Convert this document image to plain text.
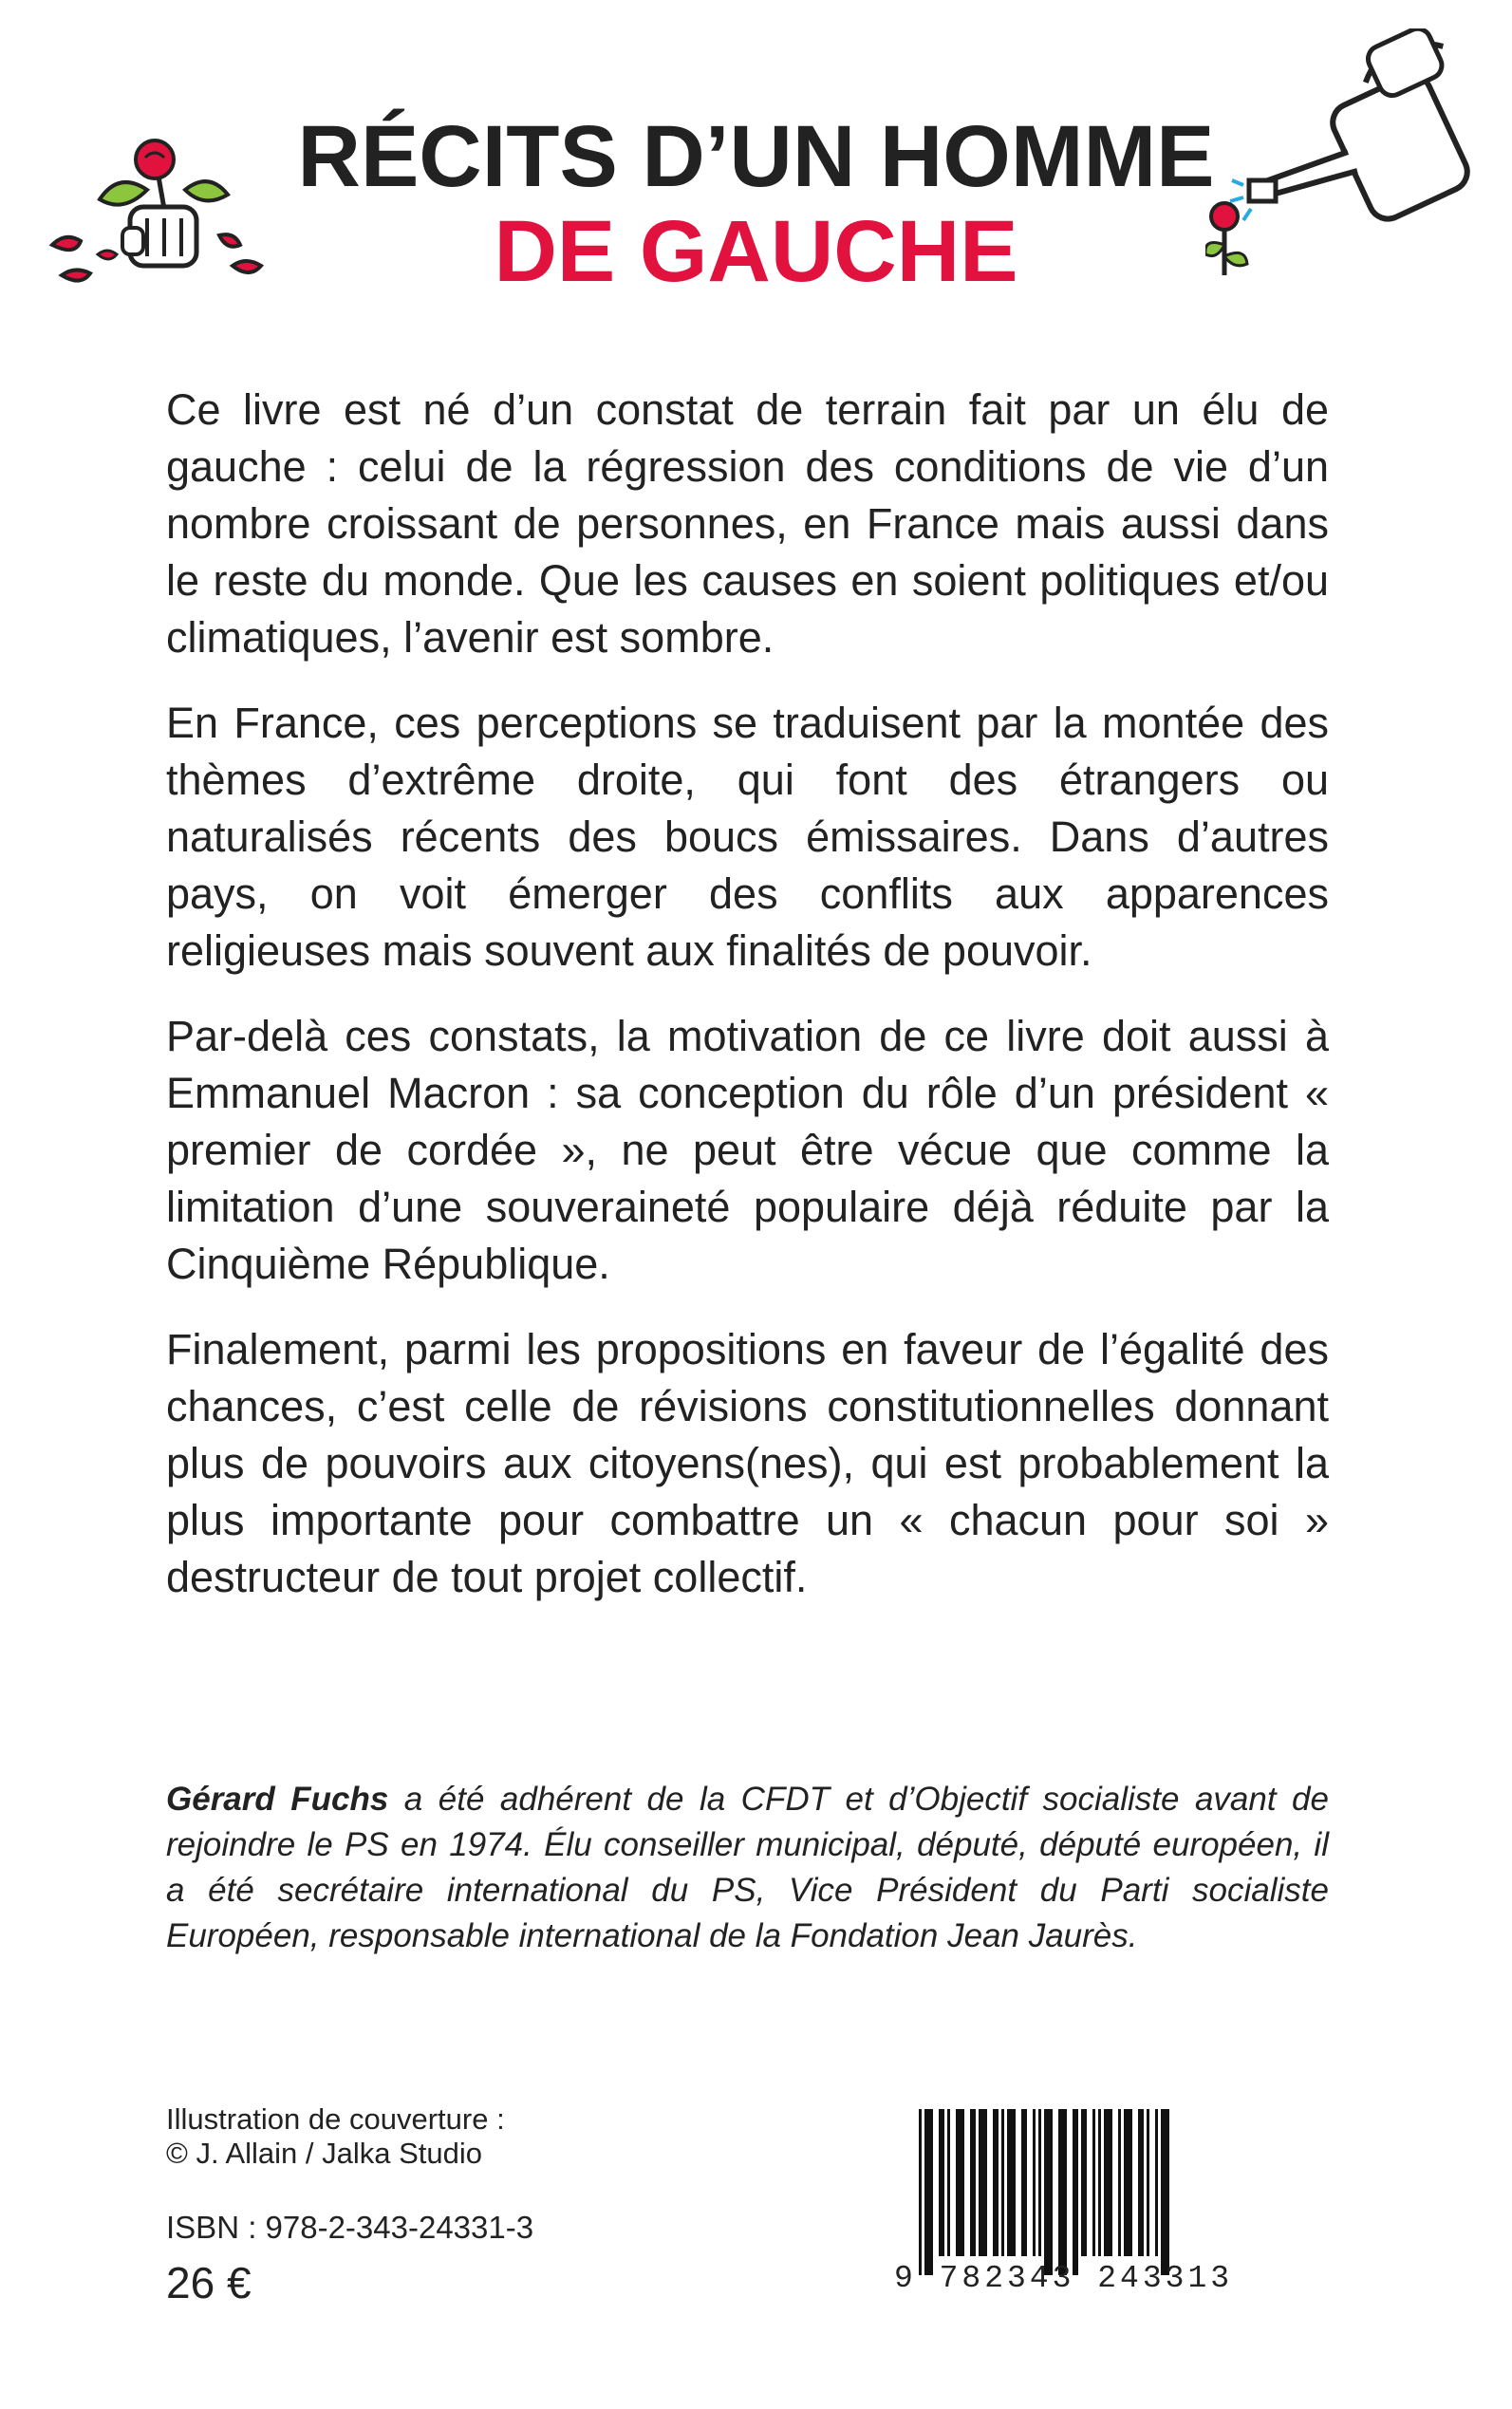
RÉCITS D’UN HOMME
DE GAUCHE

Ce livre est né d’un constat de terrain fait par un élu de gauche : celui de la régression des conditions de vie d’un nombre croissant de personnes, en France mais aussi dans le reste du monde. Que les causes en soient politiques et/ou climatiques, l’avenir est sombre.

En France, ces perceptions se traduisent par la montée des thèmes d’extrême droite, qui font des étrangers ou naturalisés récents des boucs émissaires. Dans d’autres pays, on voit émerger des conflits aux apparences religieuses mais souvent aux finalités de pouvoir.

Par-delà ces constats, la motivation de ce livre doit aussi à Emmanuel Macron : sa conception du rôle d’un président « premier de cordée », ne peut être vécue que comme la limitation d’une souveraineté populaire déjà réduite par la Cinquième République.

Finalement, parmi les propositions en faveur de l’égalité des chances, c’est celle de révisions constitutionnelles donnant plus de pouvoirs aux citoyens(nes), qui est probablement la plus importante pour combattre un « chacun pour soi » destructeur de tout projet collectif.

Gérard Fuchs a été adhérent de la CFDT et d’Objectif socialiste avant de rejoindre le PS en 1974. Élu conseiller municipal, député, député européen, il a été secrétaire international du PS, Vice Président du Parti socialiste Européen, responsable international de la Fondation Jean Jaurès.
Illustration de couverture :
© J. Allain / Jalka Studio
ISBN : 978-2-343-24331-3
26 €	9 782343 243313
